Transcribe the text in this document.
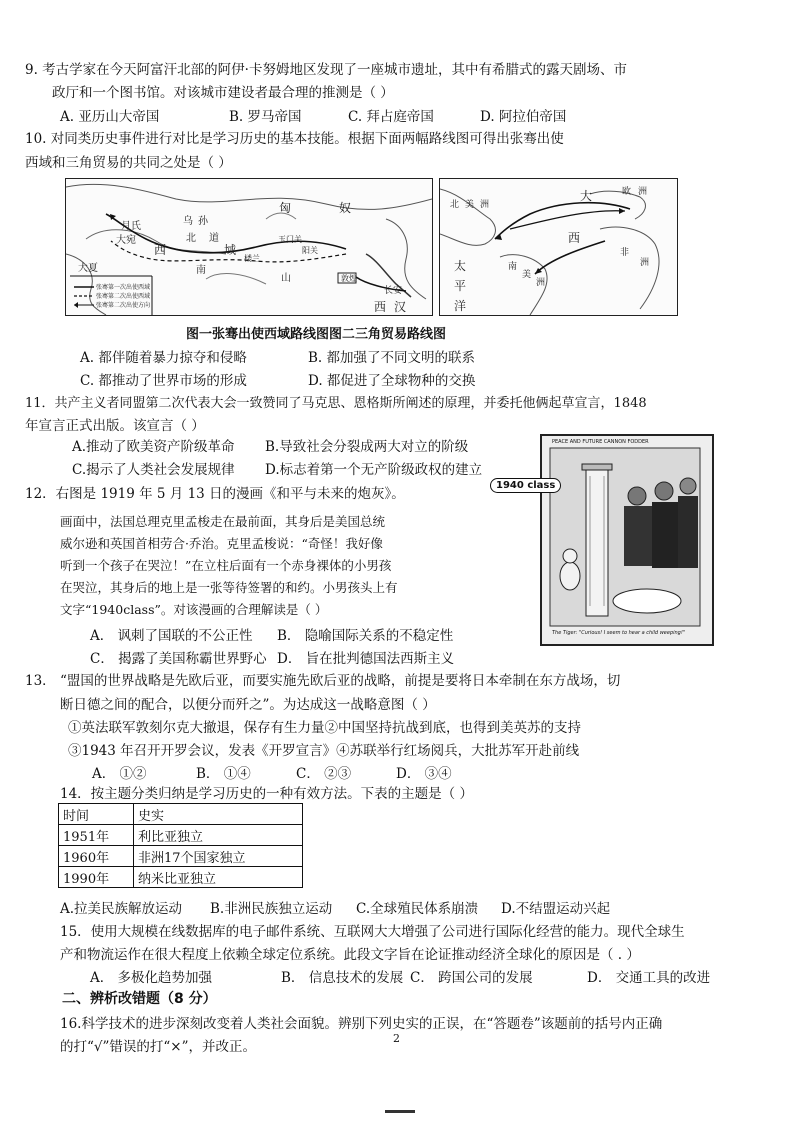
9. 考古学家在今天阿富汗北部的阿伊·卡努姆地区发现了一座城市遗址，其中有希腊式的露天剧场、市
政厅和一个图书馆。对该城市建设者最合理的推测是（ ）
A. 亚历山大帝国	B. 罗马帝国	C. 拜占庭帝国	D. 阿拉伯帝国
10. 对同类历史事件进行对比是学习历史的基本技能。根据下面两幅路线图可得出张骞出使
西域和三角贸易的共同之处是（ ）
匈	奴
乌 孙
北 道
大宛
月氏
大夏
玉门关
阳关
西	域
山
南
楼兰
敦煌
长安
西 汉
张骞第一次出使西域
张骞第二次出使西域
张骞第二次出使方向
北 美 洲
大	欧 洲
西
非
洲
南
美
洲
太
平
洋
图一张骞出使西域路线图图二三角贸易路线图
A. 都伴随着暴力掠夺和侵略	B. 都加强了不同文明的联系
C. 都推动了世界市场的形成	D. 都促进了全球物种的交换
11．共产主义者同盟第二次代表大会一致赞同了马克思、恩格斯所阐述的原理，并委托他俩起草宣言，1848
年宣言正式出版。该宣言（ ）
A.推动了欧美资产阶级革命 B.导致社会分裂成两大对立的阶级
C.揭示了人类社会发展规律 D.标志着第一个无产阶级政权的建立
12．右图是 1919 年 5 月 13 日的漫画《和平与未来的炮灰》。
画面中，法国总理克里孟梭走在最前面，其身后是美国总统
威尔逊和英国首相劳合·乔治。克里孟梭说：“奇怪！我好像
听到一个孩子在哭泣！”在立柱后面有一个赤身裸体的小男孩
在哭泣，其身后的地上是一张等待签署的和约。小男孩头上有
文字“1940class”。对该漫画的合理解读是（ ）
A． 讽刺了国联的不公正性 B． 隐喻国际关系的不稳定性
C． 揭露了美国称霸世界野心 D． 旨在批判德国法西斯主义
PEACE AND FUTURE CANNON FODDER
The Tiger: "Curious! I seem to hear a child weeping!"
1940 class
13． “盟国的世界战略是先欧后亚，而要实施先欧后亚的战略，前提是要将日本牵制在东方战场，切
断日德之间的配合，以便分而歼之”。为达成这一战略意图（ ）
①英法联军敦刻尔克大撤退，保存有生力量②中国坚持抗战到底，也得到美英苏的支持
③1943 年召开开罗会议，发表《开罗宣言》④苏联举行红场阅兵，大批苏军开赴前线
A． ①②	B． ①④	C． ②③	D． ③④
14．按主题分类归纳是学习历史的一种有效方法。下表的主题是（ ）
时间	史实
1951年	利比亚独立
1960年	非洲17个国家独立
1990年	纳米比亚独立
A.拉美民族解放运动 B.非洲民族独立运动 C.全球殖民体系崩溃 D.不结盟运动兴起
15．使用大规模在线数据库的电子邮件系统、互联网大大增强了公司进行国际化经营的能力。现代全球生
产和物流运作在很大程度上依赖全球定位系统。此段文字旨在论证推动经济全球化的原因是（ . ）
A． 多极化趋势加强	B． 信息技术的发展 C． 跨国公司的发展	D． 交通工具的改进
二、辨析改错题（8 分）
16.科学技术的进步深刻改变着人类社会面貌。辨别下列史实的正误，在“答题卷”该题前的括号内正确
的打“√”错误的打“×”，并改正。
2
